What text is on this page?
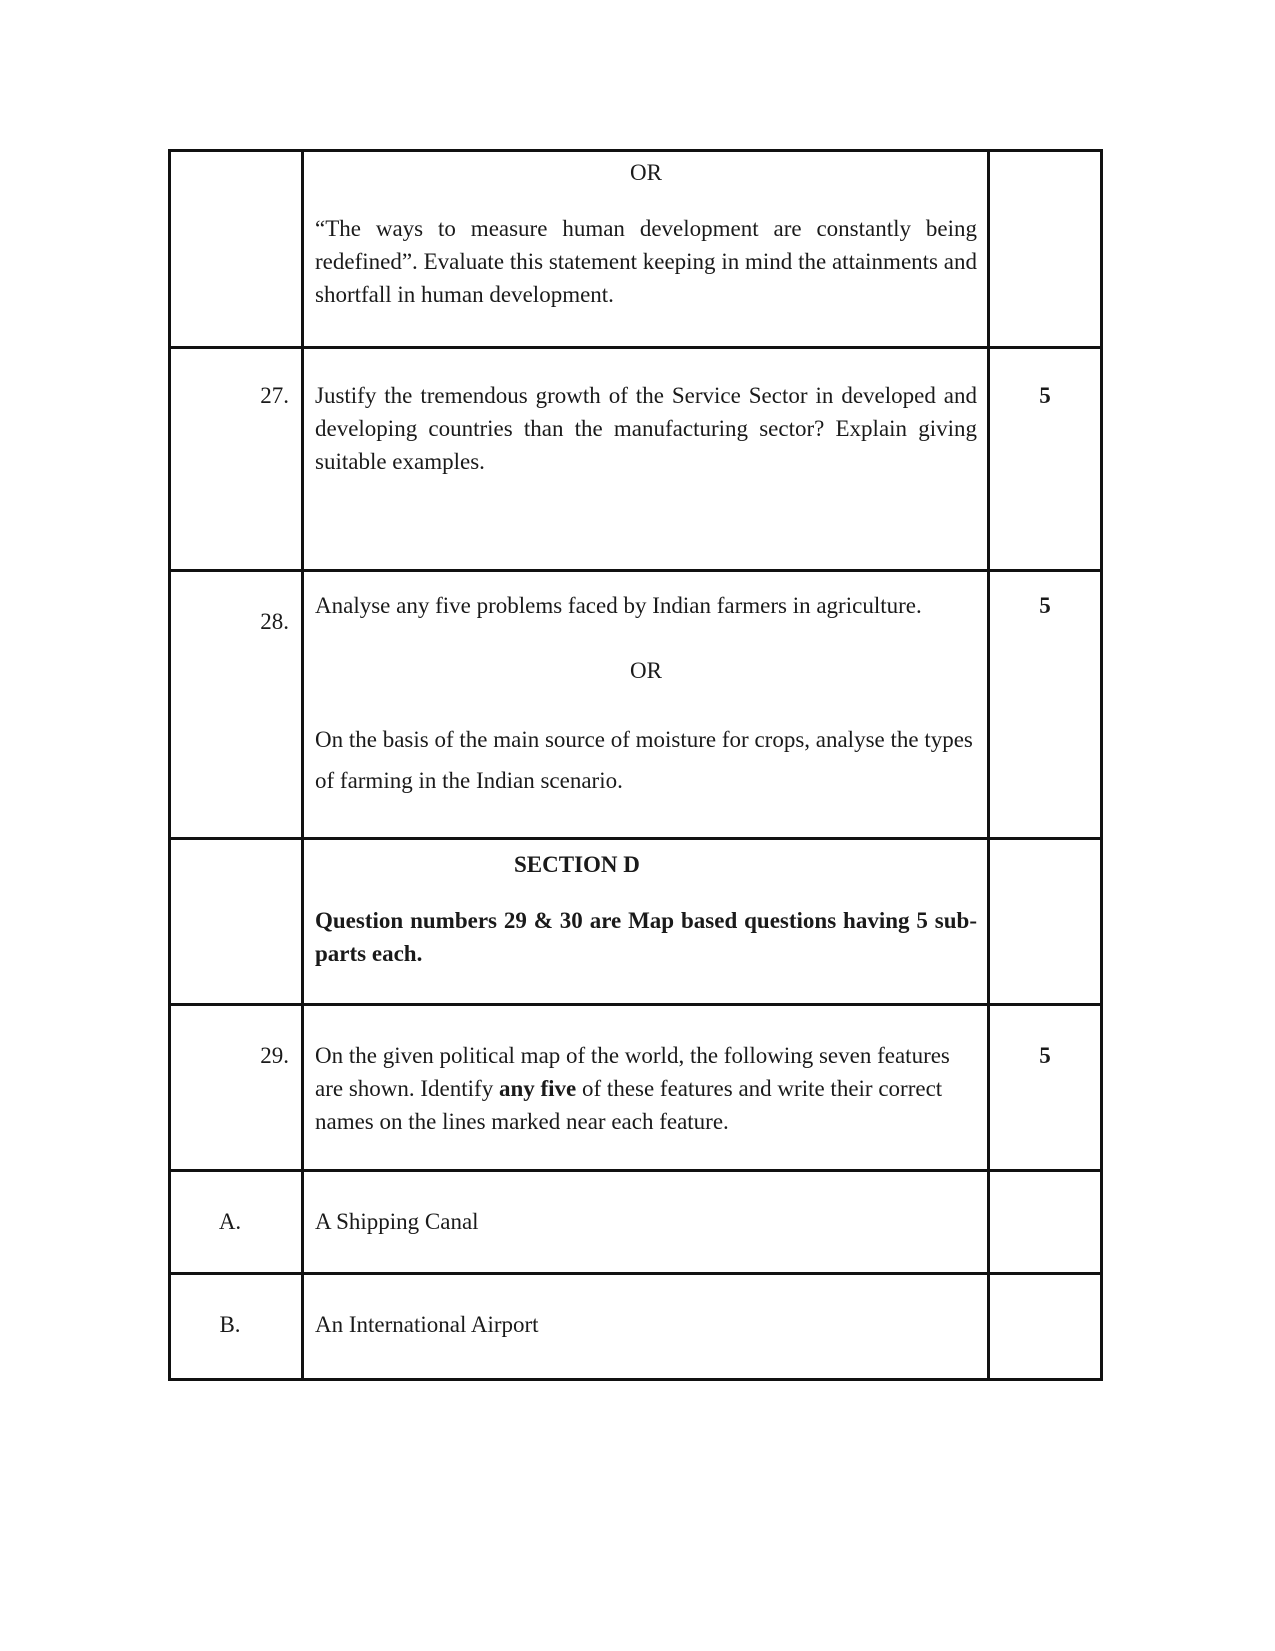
	OR

“The ways to measure human development are constantly being redefined”. Evaluate this statement keeping in mind the attainments and shortfall in human development.	

27.	Justify the tremendous growth of the Service Sector in developed and developing countries than the manufacturing sector? Explain giving suitable examples.	5

28.	Analyse any five problems faced by Indian farmers in agriculture.

OR

On the basis of the main source of moisture for crops, analyse the types of farming in the Indian scenario.	5

	SECTION D

Question numbers 29 & 30 are Map based questions having 5 sub-parts each.	

29.	On the given political map of the world, the following seven features are shown. Identify any five of these features and write their correct names on the lines marked near each feature.	5

A.	A Shipping Canal	

B.	An International Airport	
